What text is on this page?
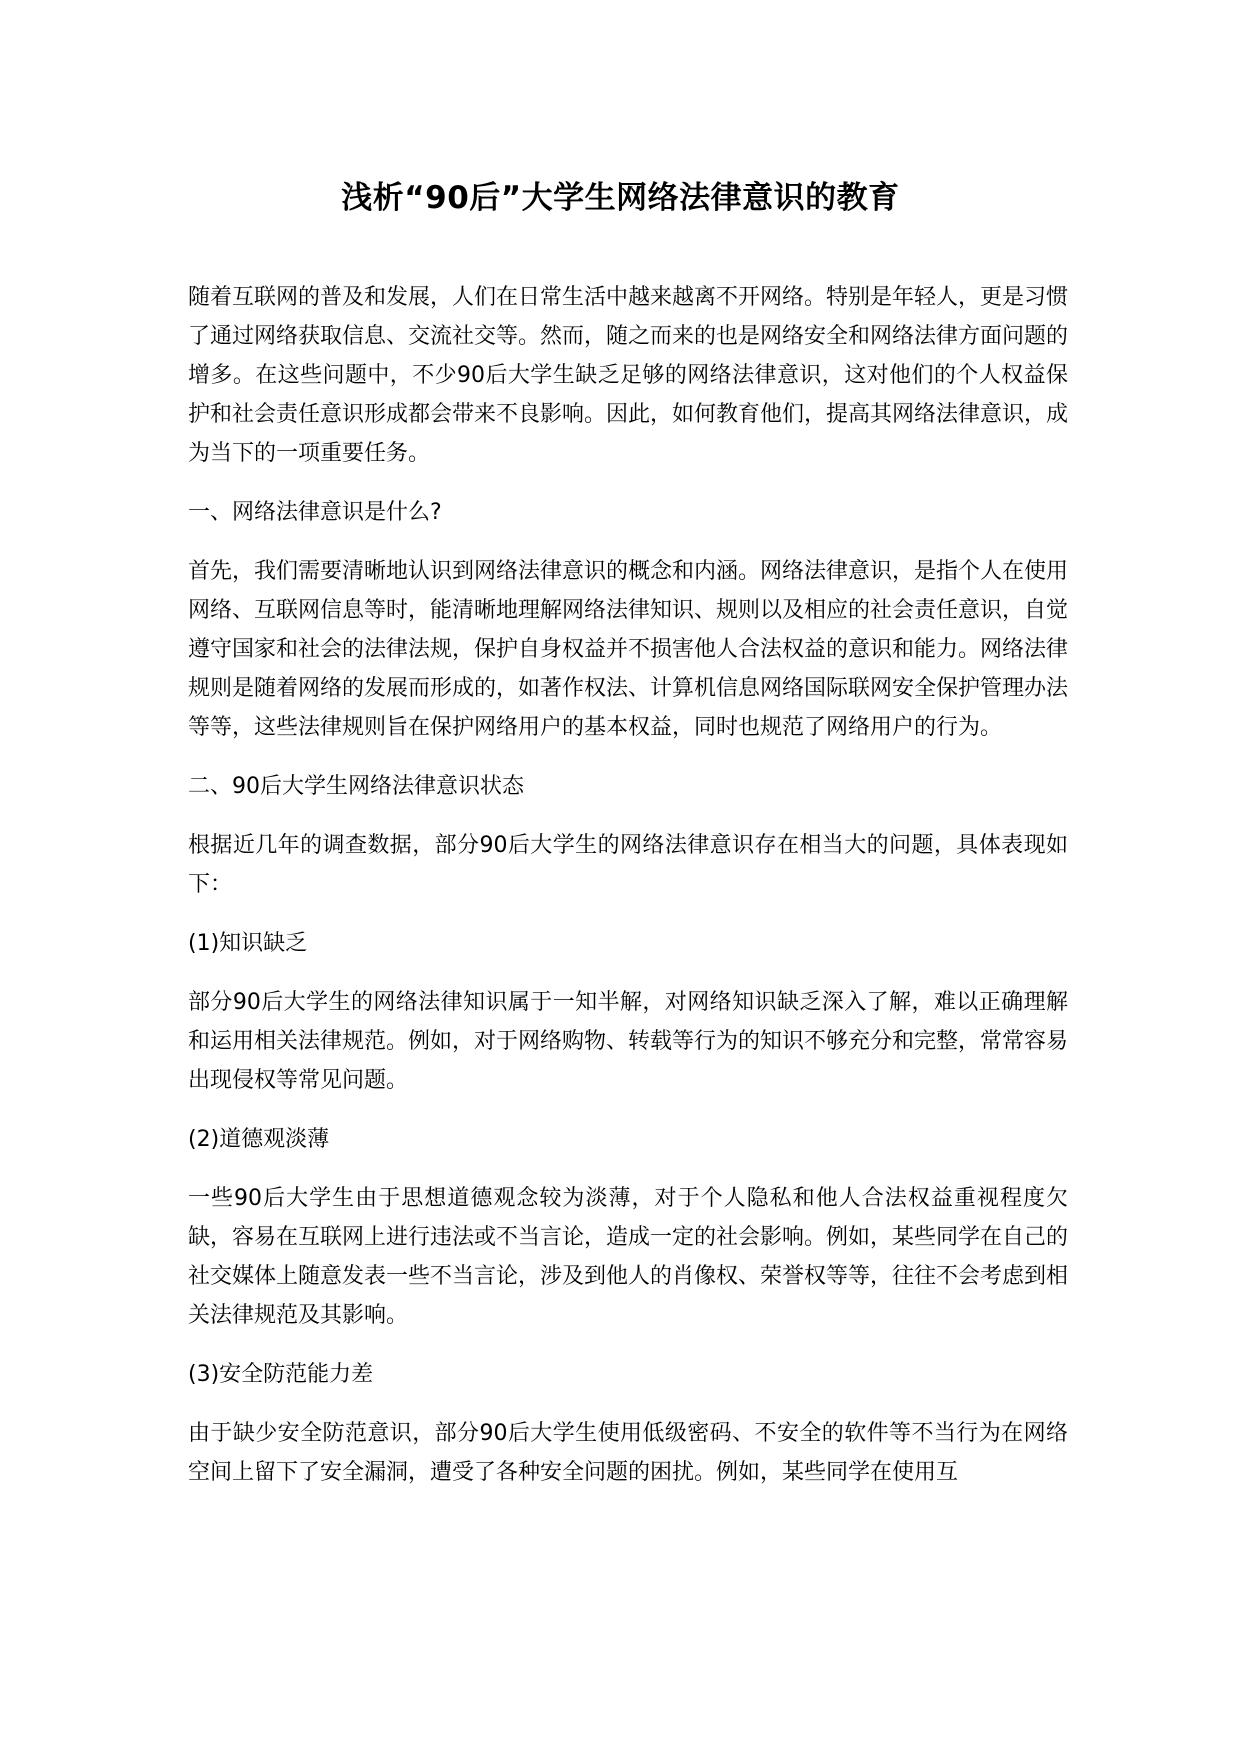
浅析“90后”大学生网络法律意识的教育

随着互联网的普及和发展，人们在日常生活中越来越离不开网络。特别是年轻人，更是习惯了通过网络获取信息、交流社交等。然而，随之而来的也是网络安全和网络法律方面问题的增多。在这些问题中，不少90后大学生缺乏足够的网络法律意识，这对他们的个人权益保护和社会责任意识形成都会带来不良影响。因此，如何教育他们，提高其网络法律意识，成为当下的一项重要任务。

一、网络法律意识是什么?

首先，我们需要清晰地认识到网络法律意识的概念和内涵。网络法律意识，是指个人在使用网络、互联网信息等时，能清晰地理解网络法律知识、规则以及相应的社会责任意识，自觉遵守国家和社会的法律法规，保护自身权益并不损害他人合法权益的意识和能力。网络法律规则是随着网络的发展而形成的，如著作权法、计算机信息网络国际联网安全保护管理办法等等，这些法律规则旨在保护网络用户的基本权益，同时也规范了网络用户的行为。

二、90后大学生网络法律意识状态

根据近几年的调查数据，部分90后大学生的网络法律意识存在相当大的问题，具体表现如下：

(1)知识缺乏

部分90后大学生的网络法律知识属于一知半解，对网络知识缺乏深入了解，难以正确理解和运用相关法律规范。例如，对于网络购物、转载等行为的知识不够充分和完整，常常容易出现侵权等常见问题。

(2)道德观淡薄

一些90后大学生由于思想道德观念较为淡薄，对于个人隐私和他人合法权益重视程度欠缺，容易在互联网上进行违法或不当言论，造成一定的社会影响。例如，某些同学在自己的社交媒体上随意发表一些不当言论，涉及到他人的肖像权、荣誉权等等，往往不会考虑到相关法律规范及其影响。

(3)安全防范能力差

由于缺少安全防范意识，部分90后大学生使用低级密码、不安全的软件等不当行为在网络空间上留下了安全漏洞，遭受了各种安全问题的困扰。例如，某些同学在使用互
